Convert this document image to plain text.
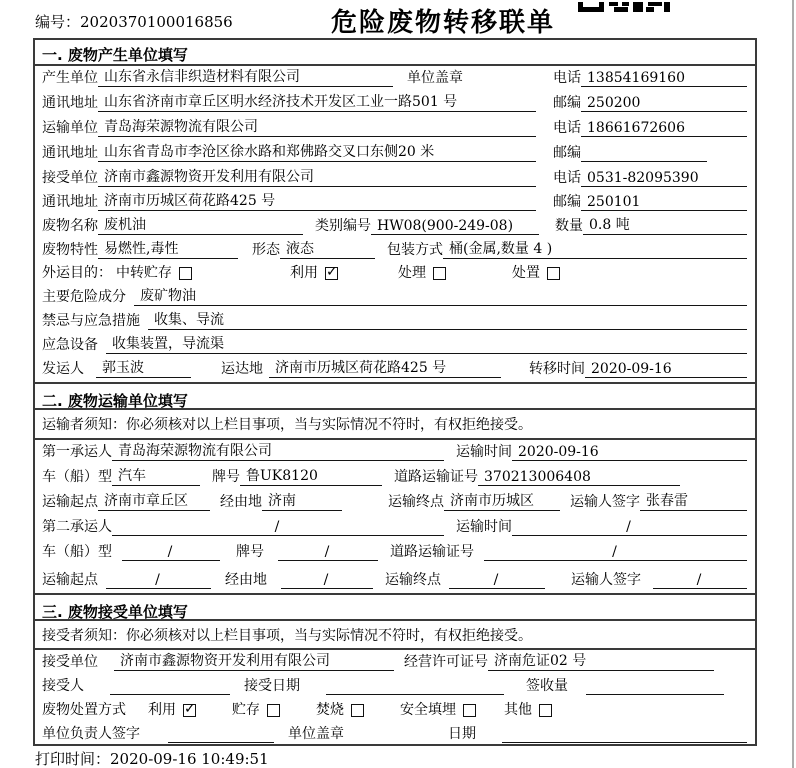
编号：2020370100016856	危险废物转移联单
一. 废物产生单位填写
产生单位 山东省永信非织造材料有限公司	单位盖章	电话 13854169160
通讯地址 山东省济南市章丘区明水经济技术开发区工业一路501 号	邮编 250200
运输单位 青岛海荣源物流有限公司	电话 18661672606
通讯地址 山东省青岛市李沧区徐水路和郑佛路交叉口东侧20 米	邮编
接受单位 济南市鑫源物资开发利用有限公司	电话 0531-82095390
通讯地址 济南市历城区荷花路425 号	邮编 250101
废物名称 废机油	类别编号 HW08(900-249-08)	数量 0.8 吨
废物特性 易燃性,毒性	形态 液态	包装方式 桶(金属,数量 4 )
外运目的： 中转贮存	利用 ✓	处理	处置
主要危险成分	废矿物油
禁忌与应急措施	收集、导流
应急设备	收集装置，导流渠
发运人	郭玉波	运达地 济南市历城区荷花路425 号	转移时间 2020-09-16
二. 废物运输单位填写
运输者须知：你必须核对以上栏目事项，当与实际情况不符时，有权拒绝接受。
第一承运人 青岛海荣源物流有限公司	运输时间 2020-09-16
车（船）型 汽车	牌号 鲁UK8120	道路运输证号 370213006408
运输起点 济南市章丘区	经由地 济南	运输终点 济南市历城区	运输人签字 张春雷
第二承运人	/	运输时间	/
车（船）型	/	牌号	/	道路运输证号	/
运输起点	/	经由地	/	运输终点	/	运输人签字	/
三. 废物接受单位填写
接受者须知：你必须核对以上栏目事项，当与实际情况不符时，有权拒绝接受。
接受单位	济南市鑫源物资开发利用有限公司	经营许可证号 济南危证02 号
接受人	接受日期	签收量
废物处置方式 利用 ✓	贮存	焚烧	安全填埋	其他
单位负责人签字	单位盖章	日期
打印时间：2020-09-16 10:49:51
